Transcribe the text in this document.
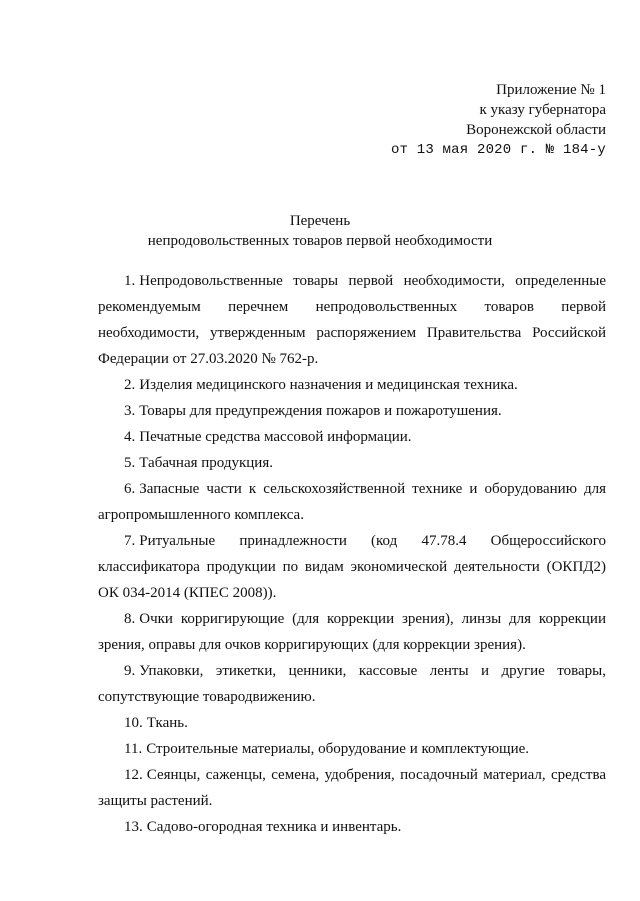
Приложение № 1
к указу губернатора
Воронежской области
от 13 мая 2020 г. № 184-у
Перечень
непродовольственных товаров первой необходимости

1. Непродовольственные товары первой необходимости, определенные рекомендуемым перечнем непродовольственных товаров первой необходимости, утвержденным распоряжением Правительства Российской Федерации от 27.03.2020 № 762-р.

2. Изделия медицинского назначения и медицинская техника.

3. Товары для предупреждения пожаров и пожаротушения.

4. Печатные средства массовой информации.

5. Табачная продукция.

6. Запасные части к сельскохозяйственной технике и оборудованию для агропромышленного комплекса.

7. Ритуальные принадлежности (код 47.78.4 Общероссийского классификатора продукции по видам экономической деятельности (ОКПД2) ОК 034-2014 (КПЕС 2008)).

8. Очки корригирующие (для коррекции зрения), линзы для коррекции зрения, оправы для очков корригирующих (для коррекции зрения).

9. Упаковки, этикетки, ценники, кассовые ленты и другие товары, сопутствующие товародвижению.

10. Ткань.

11. Строительные материалы, оборудование и комплектующие.

12. Сеянцы, саженцы, семена, удобрения, посадочный материал, средства защиты растений.

13. Садово-огородная техника и инвентарь.
